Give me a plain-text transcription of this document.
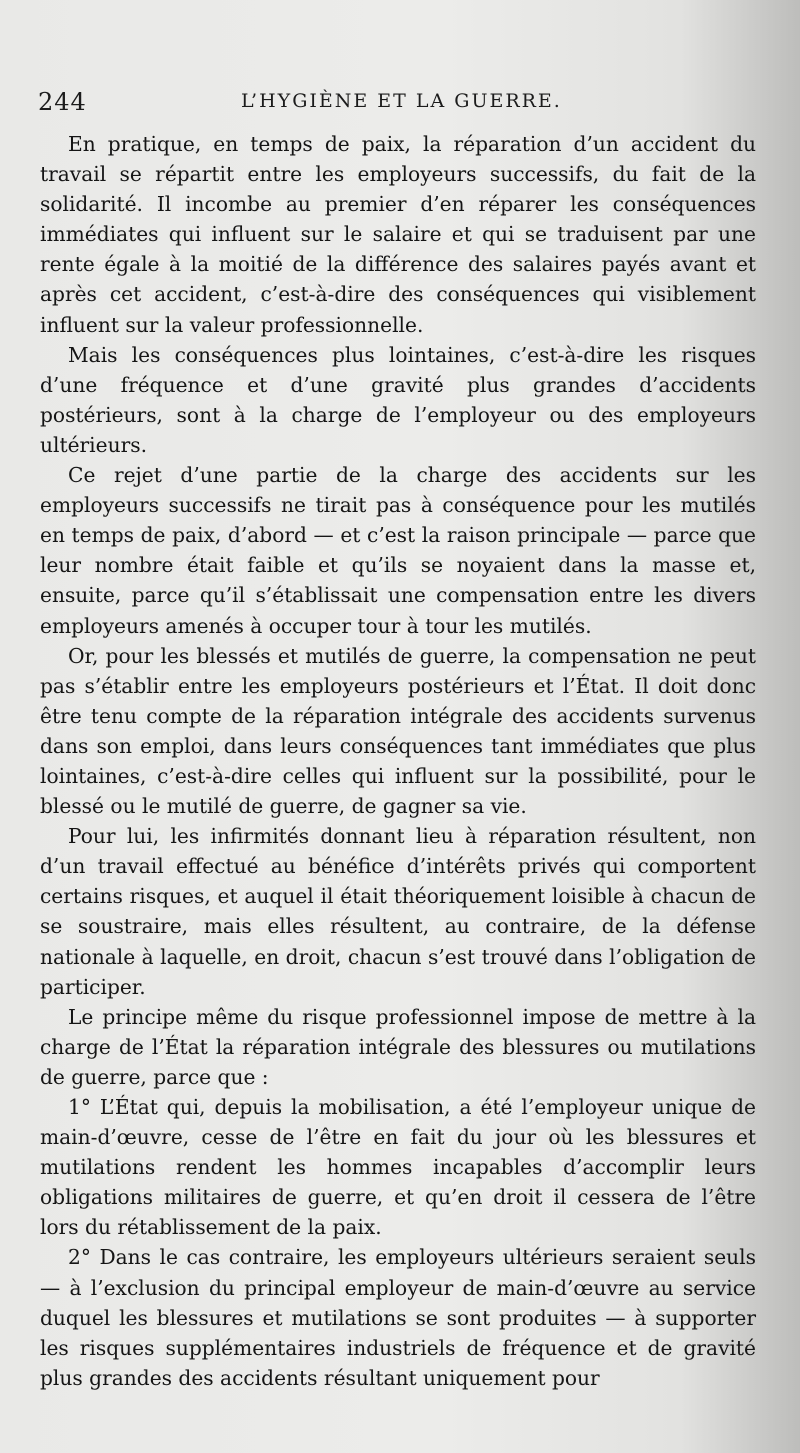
244	L’HYGIÈNE ET LA GUERRE.

En pratique, en temps de paix, la réparation d’un accident du travail se répartit entre les employeurs successifs, du fait de la solidarité. Il incombe au premier d’en réparer les conséquences immédiates qui influent sur le salaire et qui se traduisent par une rente égale à la moitié de la différence des salaires payés avant et après cet accident, c’est-à-dire des conséquences qui visiblement influent sur la valeur professionnelle.

Mais les conséquences plus lointaines, c’est-à-dire les risques d’une fréquence et d’une gravité plus grandes d’accidents postérieurs, sont à la charge de l’employeur ou des employeurs ultérieurs.

Ce rejet d’une partie de la charge des accidents sur les employeurs successifs ne tirait pas à conséquence pour les mutilés en temps de paix, d’abord — et c’est la raison principale — parce que leur nombre était faible et qu’ils se noyaient dans la masse et, ensuite, parce qu’il s’établissait une compensation entre les divers employeurs amenés à occuper tour à tour les mutilés.

Or, pour les blessés et mutilés de guerre, la compensation ne peut pas s’établir entre les employeurs postérieurs et l’État. Il doit donc être tenu compte de la réparation intégrale des accidents survenus dans son emploi, dans leurs conséquences tant immédiates que plus lointaines, c’est-à-dire celles qui influent sur la possibilité, pour le blessé ou le mutilé de guerre, de gagner sa vie.

Pour lui, les infirmités donnant lieu à réparation résultent, non d’un travail effectué au bénéfice d’intérêts privés qui comportent certains risques, et auquel il était théoriquement loisible à chacun de se soustraire, mais elles résultent, au contraire, de la défense nationale à laquelle, en droit, chacun s’est trouvé dans l’obligation de participer.

Le principe même du risque professionnel impose de mettre à la charge de l’État la réparation intégrale des blessures ou mutilations de guerre, parce que :

1° L’État qui, depuis la mobilisation, a été l’employeur unique de main-d’œuvre, cesse de l’être en fait du jour où les blessures et mutilations rendent les hommes incapables d’accomplir leurs obligations militaires de guerre, et qu’en droit il cessera de l’être lors du rétablissement de la paix.

2° Dans le cas contraire, les employeurs ultérieurs seraient seuls — à l’exclusion du principal employeur de main-d’œuvre au service duquel les blessures et mutilations se sont produites — à supporter les risques supplémentaires industriels de fréquence et de gravité plus grandes des accidents résultant uniquement pour
